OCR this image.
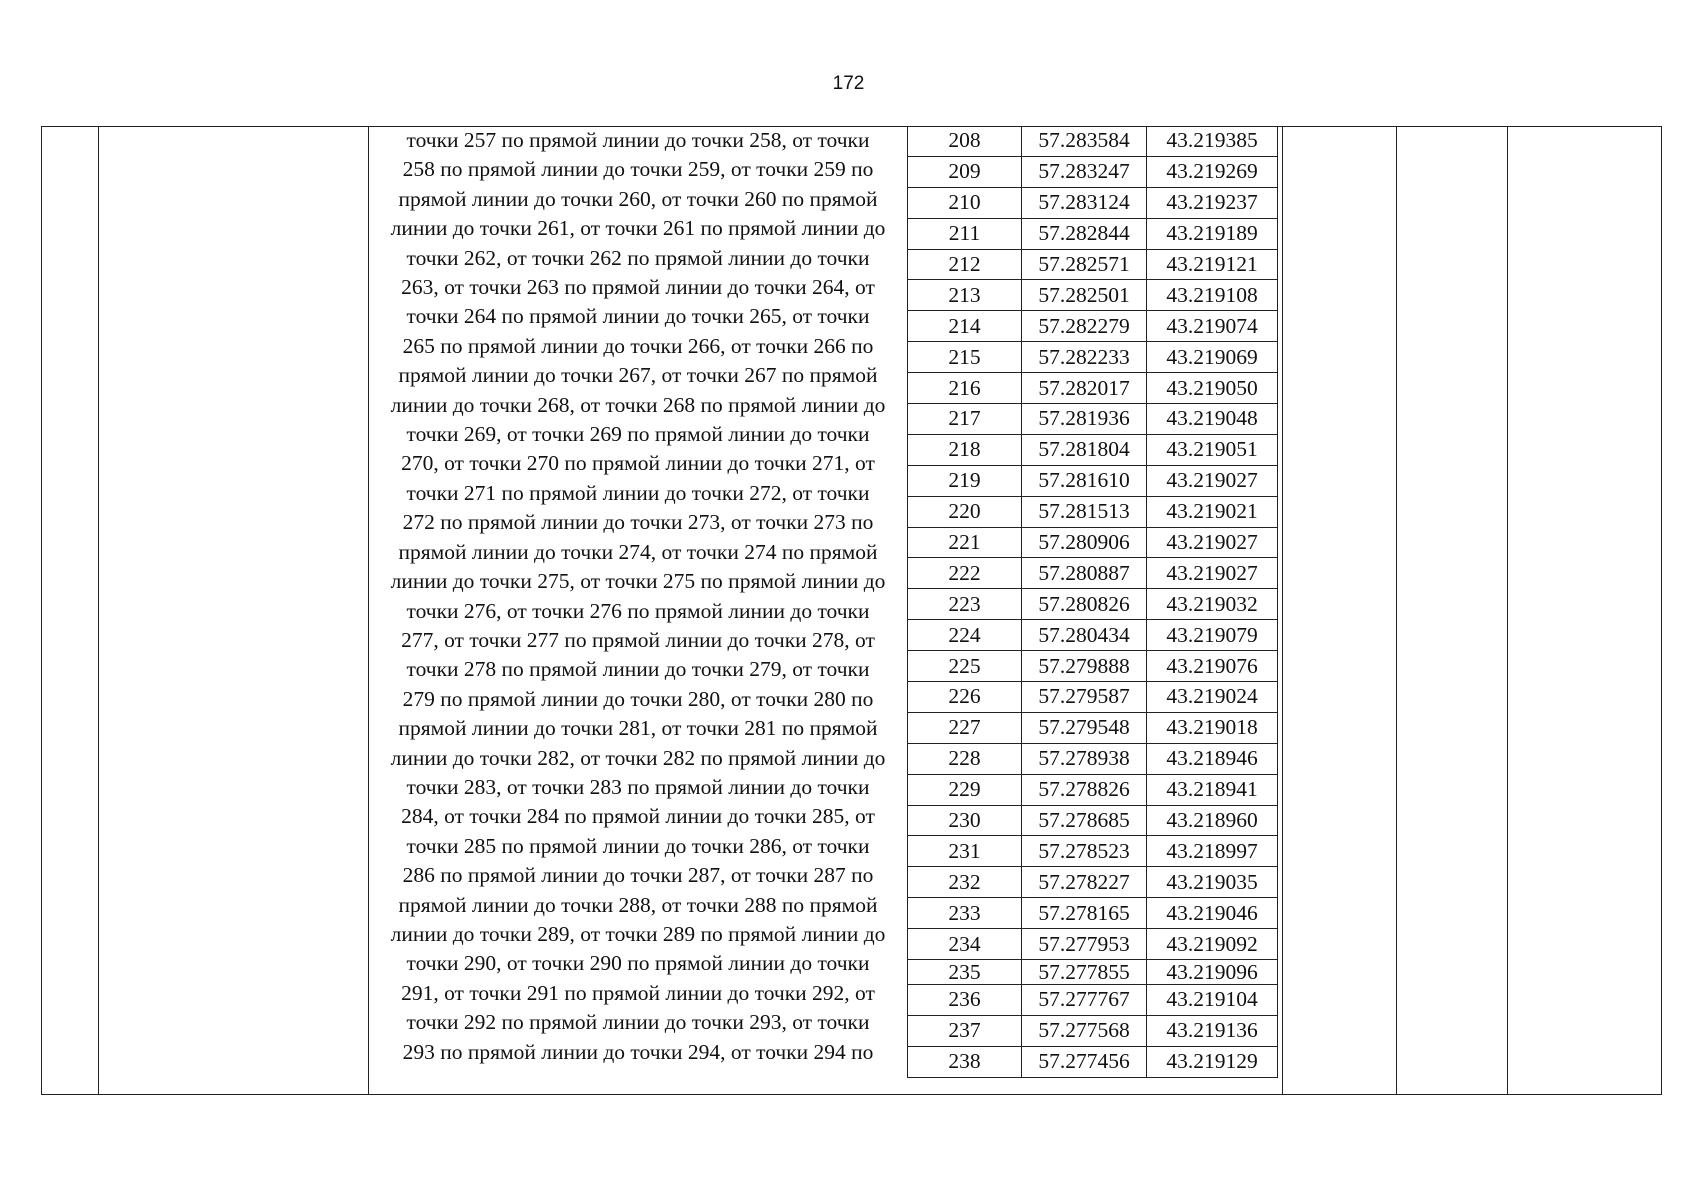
172
точки 257 по прямой линии до точки 258, от точки
258 по прямой линии до точки 259, от точки 259 по
прямой линии до точки 260, от точки 260 по прямой
линии до точки 261, от точки 261 по прямой линии до
точки 262, от точки 262 по прямой линии до точки
263, от точки 263 по прямой линии до точки 264, от
точки 264 по прямой линии до точки 265, от точки
265 по прямой линии до точки 266, от точки 266 по
прямой линии до точки 267, от точки 267 по прямой
линии до точки 268, от точки 268 по прямой линии до
точки 269, от точки 269 по прямой линии до точки
270, от точки 270 по прямой линии до точки 271, от
точки 271 по прямой линии до точки 272, от точки
272 по прямой линии до точки 273, от точки 273 по
прямой линии до точки 274, от точки 274 по прямой
линии до точки 275, от точки 275 по прямой линии до
точки 276, от точки 276 по прямой линии до точки
277, от точки 277 по прямой линии до точки 278, от
точки 278 по прямой линии до точки 279, от точки
279 по прямой линии до точки 280, от точки 280 по
прямой линии до точки 281, от точки 281 по прямой
линии до точки 282, от точки 282 по прямой линии до
точки 283, от точки 283 по прямой линии до точки
284, от точки 284 по прямой линии до точки 285, от
точки 285 по прямой линии до точки 286, от точки
286 по прямой линии до точки 287, от точки 287 по
прямой линии до точки 288, от точки 288 по прямой
линии до точки 289, от точки 289 по прямой линии до
точки 290, от точки 290 по прямой линии до точки
291, от точки 291 по прямой линии до точки 292, от
точки 292 по прямой линии до точки 293, от точки
293 по прямой линии до точки 294, от точки 294 по
208	57.283584	43.219385
209	57.283247	43.219269
210	57.283124	43.219237
211	57.282844	43.219189
212	57.282571	43.219121
213	57.282501	43.219108
214	57.282279	43.219074
215	57.282233	43.219069
216	57.282017	43.219050
217	57.281936	43.219048
218	57.281804	43.219051
219	57.281610	43.219027
220	57.281513	43.219021
221	57.280906	43.219027
222	57.280887	43.219027
223	57.280826	43.219032
224	57.280434	43.219079
225	57.279888	43.219076
226	57.279587	43.219024
227	57.279548	43.219018
228	57.278938	43.218946
229	57.278826	43.218941
230	57.278685	43.218960
231	57.278523	43.218997
232	57.278227	43.219035
233	57.278165	43.219046
234	57.277953	43.219092
235	57.277855	43.219096
236	57.277767	43.219104
237	57.277568	43.219136
238	57.277456	43.219129
